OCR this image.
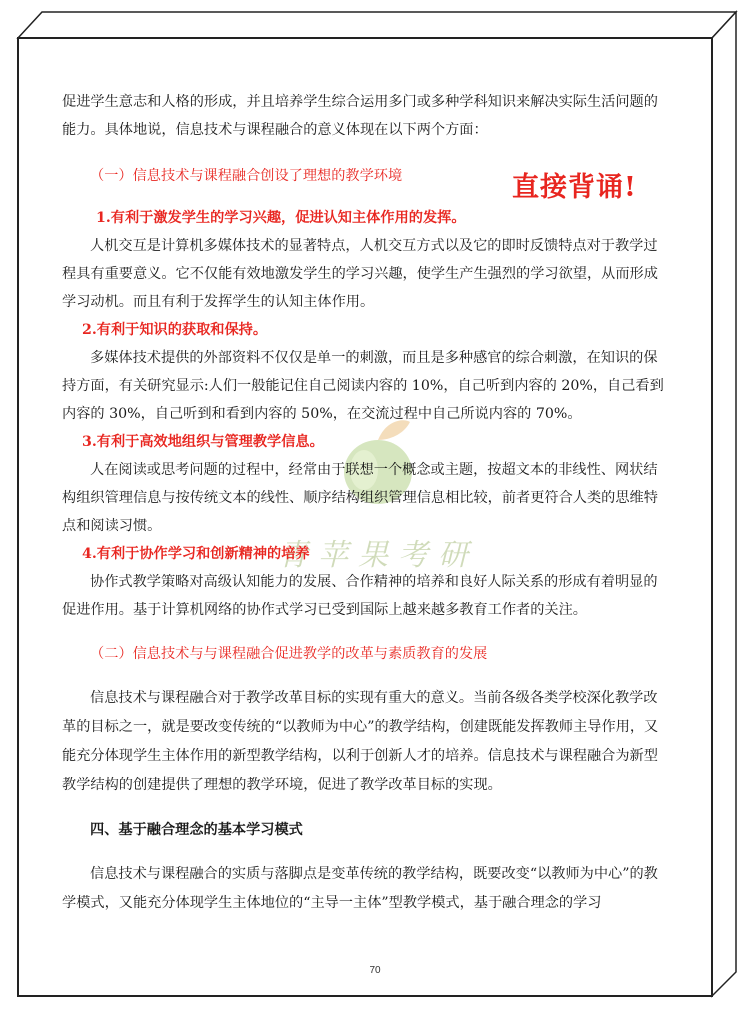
青苹果考研
直接背诵!

促进学生意志和人格的形成，并且培养学生综合运用多门或多种学科知识来解决实际生活问题的能力。具体地说，信息技术与课程融合的意义体现在以下两个方面：

（一）信息技术与课程融合创设了理想的教学环境

1.有利于激发学生的学习兴趣，促进认知主体作用的发挥。

人机交互是计算机多媒体技术的显著特点，人机交互方式以及它的即时反馈特点对于教学过程具有重要意义。它不仅能有效地激发学生的学习兴趣，使学生产生强烈的学习欲望，从而形成学习动机。而且有利于发挥学生的认知主体作用。

2.有利于知识的获取和保持。

多媒体技术提供的外部资料不仅仅是单一的刺激，而且是多种感官的综合刺激，在知识的保持方面，有关研究显示:人们一般能记住自己阅读内容的 10%，自己听到内容的 20%，自己看到内容的 30%，自己听到和看到内容的 50%，在交流过程中自己所说内容的 70%。

3.有利于高效地组织与管理教学信息。

人在阅读或思考问题的过程中，经常由于联想一个概念或主题，按超文本的非线性、网状结构组织管理信息与按传统文本的线性、顺序结构组织管理信息相比较，前者更符合人类的思维特点和阅读习惯。

4.有利于协作学习和创新精神的培养

协作式教学策略对高级认知能力的发展、合作精神的培养和良好人际关系的形成有着明显的促进作用。基于计算机网络的协作式学习已受到国际上越来越多教育工作者的关注。

（二）信息技术与与课程融合促进教学的改革与素质教育的发展

信息技术与课程融合对于教学改革目标的实现有重大的意义。当前各级各类学校深化教学改革的目标之一，就是要改变传统的“以教师为中心”的教学结构，创建既能发挥教师主导作用，又能充分体现学生主体作用的新型教学结构，以利于创新人才的培养。信息技术与课程融合为新型教学结构的创建提供了理想的教学环境，促进了教学改革目标的实现。

四、基于融合理念的基本学习模式

信息技术与课程融合的实质与落脚点是变革传统的教学结构，既要改变“以教师为中心”的教学模式，又能充分体现学生主体地位的“主导一主体”型教学模式，基于融合理念的学习

70
